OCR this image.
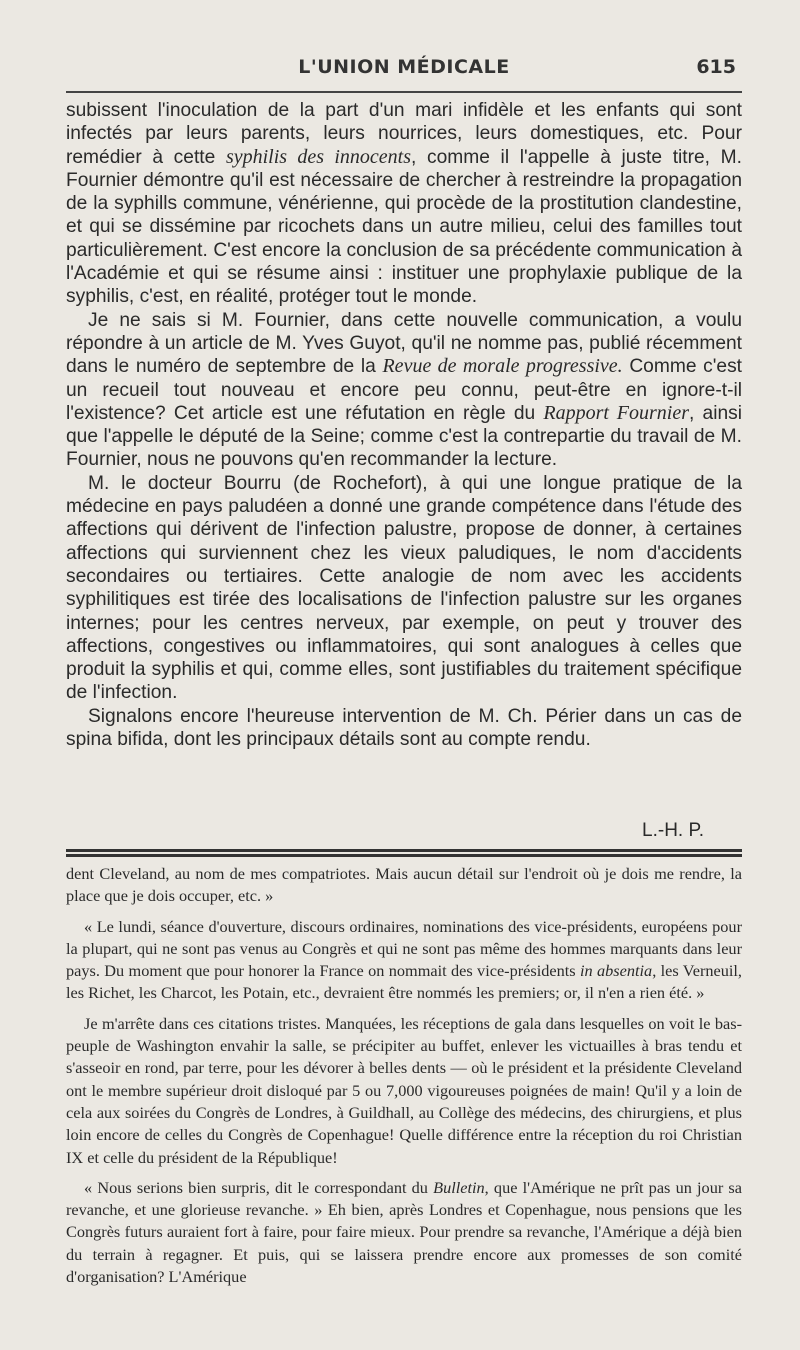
L'UNION MÉDICALE	615

subissent l'inoculation de la part d'un mari infidèle et les enfants qui sont infectés par leurs parents, leurs nourrices, leurs domestiques, etc. Pour remédier à cette syphilis des innocents, comme il l'appelle à juste titre, M. Fournier démontre qu'il est nécessaire de chercher à restreindre la propagation de la syphills commune, vénérienne, qui procède de la prostitution clandestine, et qui se dissémine par ricochets dans un autre milieu, celui des familles tout particulièrement. C'est encore la conclusion de sa précédente communication à l'Académie et qui se résume ainsi : instituer une prophylaxie publique de la syphilis, c'est, en réalité, protéger tout le monde.

Je ne sais si M. Fournier, dans cette nouvelle communication, a voulu répondre à un article de M. Yves Guyot, qu'il ne nomme pas, publié récemment dans le numéro de septembre de la Revue de morale progressive. Comme c'est un recueil tout nouveau et encore peu connu, peut-être en ignore-t-il l'existence? Cet article est une réfutation en règle du Rapport Fournier, ainsi que l'appelle le député de la Seine; comme c'est la contrepartie du travail de M. Fournier, nous ne pouvons qu'en recommander la lecture.

M. le docteur Bourru (de Rochefort), à qui une longue pratique de la médecine en pays paludéen a donné une grande compétence dans l'étude des affections qui dérivent de l'infection palustre, propose de donner, à certaines affections qui surviennent chez les vieux paludiques, le nom d'accidents secondaires ou tertiaires. Cette analogie de nom avec les accidents syphilitiques est tirée des localisations de l'infection palustre sur les organes internes; pour les centres nerveux, par exemple, on peut y trouver des affections, congestives ou inflammatoires, qui sont analogues à celles que produit la syphilis et qui, comme elles, sont justifiables du traitement spécifique de l'infection.

Signalons encore l'heureuse intervention de M. Ch. Périer dans un cas de spina bifida, dont les principaux détails sont au compte rendu.

L.-H. P.

dent Cleveland, au nom de mes compatriotes. Mais aucun détail sur l'endroit où je dois me rendre, la place que je dois occuper, etc. »

« Le lundi, séance d'ouverture, discours ordinaires, nominations des vice-présidents, européens pour la plupart, qui ne sont pas venus au Congrès et qui ne sont pas même des hommes marquants dans leur pays. Du moment que pour honorer la France on nommait des vice-présidents in absentia, les Verneuil, les Richet, les Charcot, les Potain, etc., devraient être nommés les premiers; or, il n'en a rien été. »

Je m'arrête dans ces citations tristes. Manquées, les réceptions de gala dans lesquelles on voit le bas-peuple de Washington envahir la salle, se précipiter au buffet, enlever les victuailles à bras tendu et s'asseoir en rond, par terre, pour les dévorer à belles dents — où le président et la présidente Cleveland ont le membre supérieur droit disloqué par 5 ou 7,000 vigoureuses poignées de main! Qu'il y a loin de cela aux soirées du Congrès de Londres, à Guildhall, au Collège des médecins, des chirurgiens, et plus loin encore de celles du Congrès de Copenhague! Quelle différence entre la réception du roi Christian IX et celle du président de la République!

« Nous serions bien surpris, dit le correspondant du Bulletin, que l'Amérique ne prît pas un jour sa revanche, et une glorieuse revanche. » Eh bien, après Londres et Copenhague, nous pensions que les Congrès futurs auraient fort à faire, pour faire mieux. Pour prendre sa revanche, l'Amérique a déjà bien du terrain à regagner. Et puis, qui se laissera prendre encore aux promesses de son comité d'organisation? L'Amérique
